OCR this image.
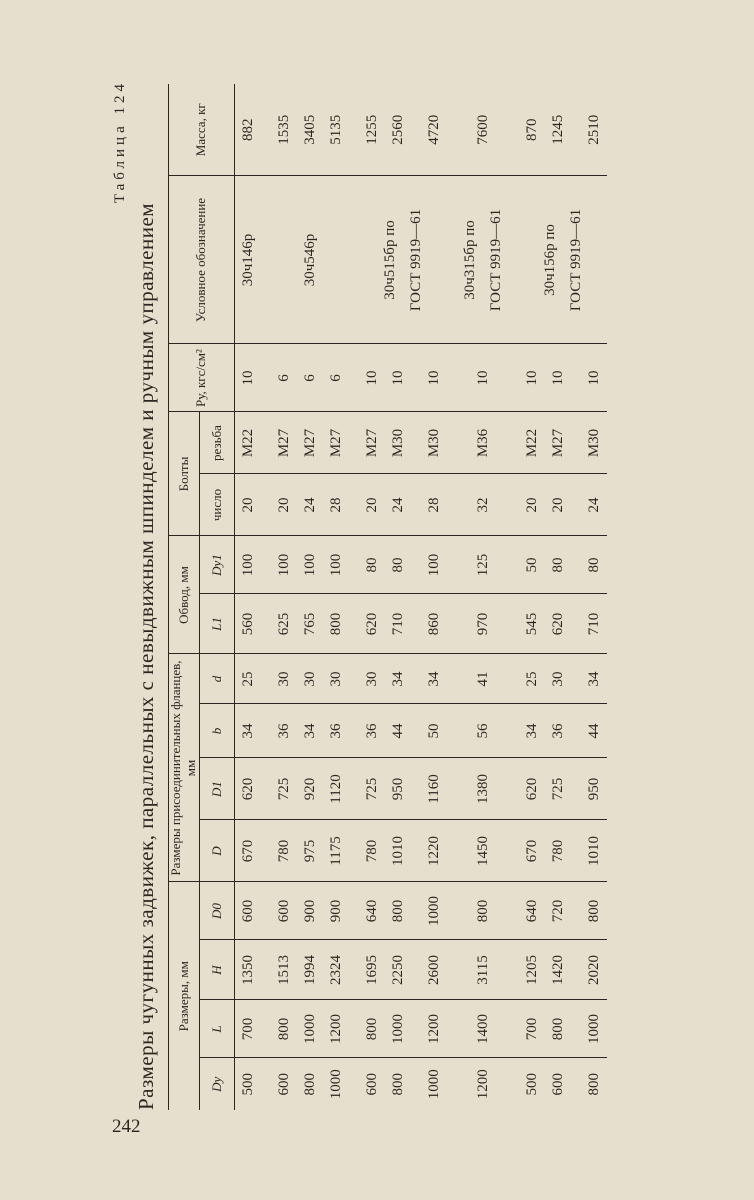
242
Таблица 124
Размеры чугунных задвижек, параллельных с невыдвижным шпинделем и ручным управлением Размеры, мм				Размеры присоединительных фланцев, мм				Обвод, мм		Болты		Pу, кгс/см²	Условное обозначение	Масса, кг
Dу	L	H	D0	D	D1	b	d	L1	Dу1	число	резьба			
500	700	1350	600	670	620	34	25	560	100	20	М22	10	30ч146р	882

600	800	1513	600	780	725	36	30	625	100	20	М27	6	30ч546р	1535
800	1000	1994	900	975	920	34	30	765	100	24	М27	6		3405
1000	1200	2324	900	1175	1120	36	30	800	100	28	М27	6		5135

600	800	1695	640	780	725	36	30	620	80	20	М27	10	30ч515бр по ГОСТ 9919—61	1255
800	1000	2250	800	1010	950	44	34	710	80	24	М30	10		2560

1000	1200	2600	1000	1220	1160	50	34	860	100	28	М30	10		4720

1200	1400	3115	800	1450	1380	56	41	970	125	32	М36	10	30ч315бр по ГОСТ 9919—61	7600

500	700	1205	640	670	620	34	25	545	50	20	М22	10	30ч156р по ГОСТ 9919—61	870
600	800	1420	720	780	725	36	30	620	80	20	М27	10		1245

800	1000	2020	800	1010	950	44	34	710	80	24	М30	10		2510
